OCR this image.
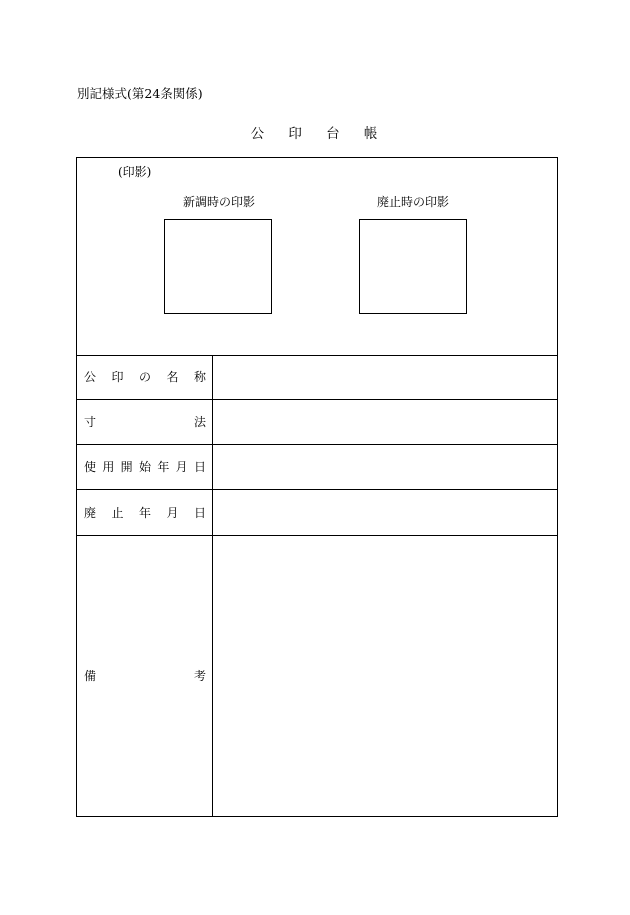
別記様式(第24条関係)
公 印 台 帳
(印影)
新調時の印影	廃止時の印影
公 印 の 名 称
寸	法
使 用 開 始 年 月 日
廃 止 年 月 日
備	考
